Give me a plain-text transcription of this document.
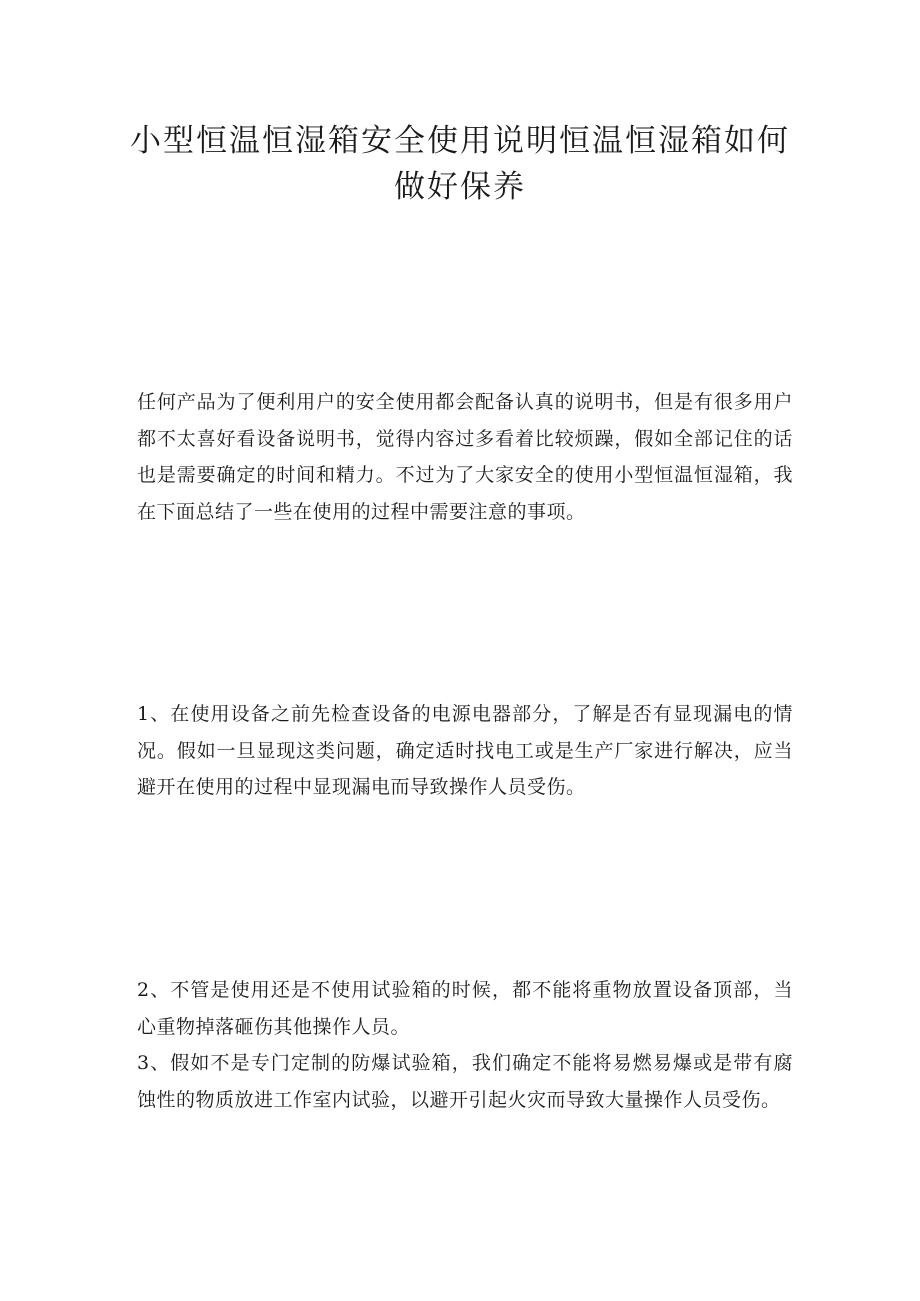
小型恒温恒湿箱安全使用说明恒温恒湿箱如何做好保养

任何产品为了便利用户的安全使用都会配备认真的说明书，但是有很多用户都不太喜好看设备说明书，觉得内容过多看着比较烦躁，假如全部记住的话也是需要确定的时间和精力。不过为了大家安全的使用小型恒温恒湿箱，我在下面总结了一些在使用的过程中需要注意的事项。

1、在使用设备之前先检查设备的电源电器部分，了解是否有显现漏电的情况。假如一旦显现这类问题，确定适时找电工或是生产厂家进行解决，应当避开在使用的过程中显现漏电而导致操作人员受伤。

2、不管是使用还是不使用试验箱的时候，都不能将重物放置设备顶部，当心重物掉落砸伤其他操作人员。

3、假如不是专门定制的防爆试验箱，我们确定不能将易燃易爆或是带有腐蚀性的物质放进工作室内试验，以避开引起火灾而导致大量操作人员受伤。
